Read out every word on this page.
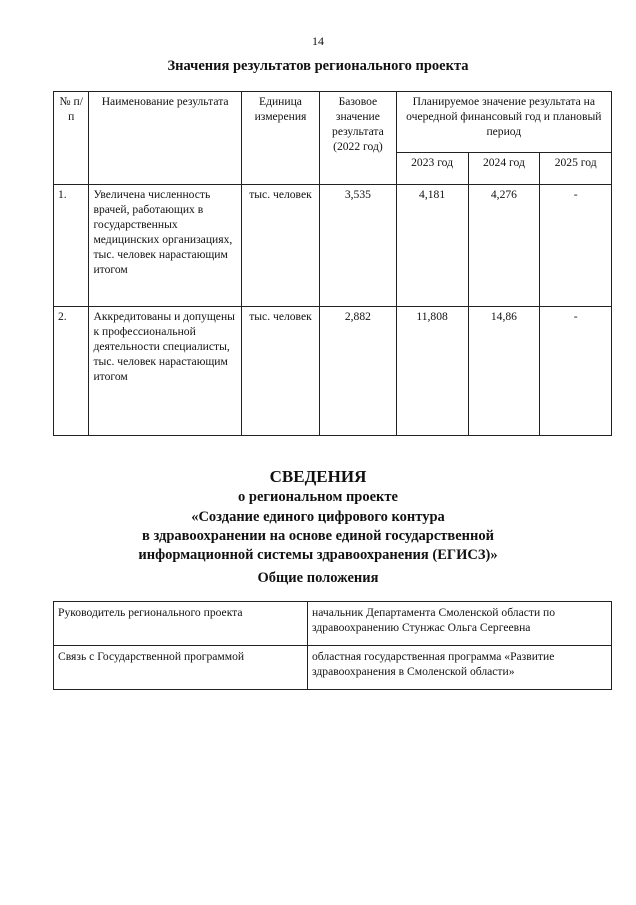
14
Значения результатов регионального проекта
№ п/п	Наименование результата	Единица измерения	Базовое значение результата (2022 год)	Планируемое значение результата на очередной финансовый год и плановый период		
				2023 год	2024 год	2025 год
1.	Увеличена численность врачей, работающих в государственных медицинских организациях, тыс. человек нарастающим итогом	тыс. человек	3,535	4,181	4,276	-
2.	Аккредитованы и допущены к профессиональной деятельности специалисты, тыс. человек нарастающим итогом	тыс. человек	2,882	11,808	14,86	-
СВЕДЕНИЯ
о региональном проекте
«Создание единого цифрового контура
в здравоохранении на основе единой государственной
информационной системы здравоохранения (ЕГИСЗ)»
Общие положения
Руководитель регионального проекта	начальник Департамента Смоленской области по здравоохранению Стунжас Ольга Сергеевна
Связь с Государственной программой	областная государственная программа «Развитие здравоохранения в Смоленской области»
